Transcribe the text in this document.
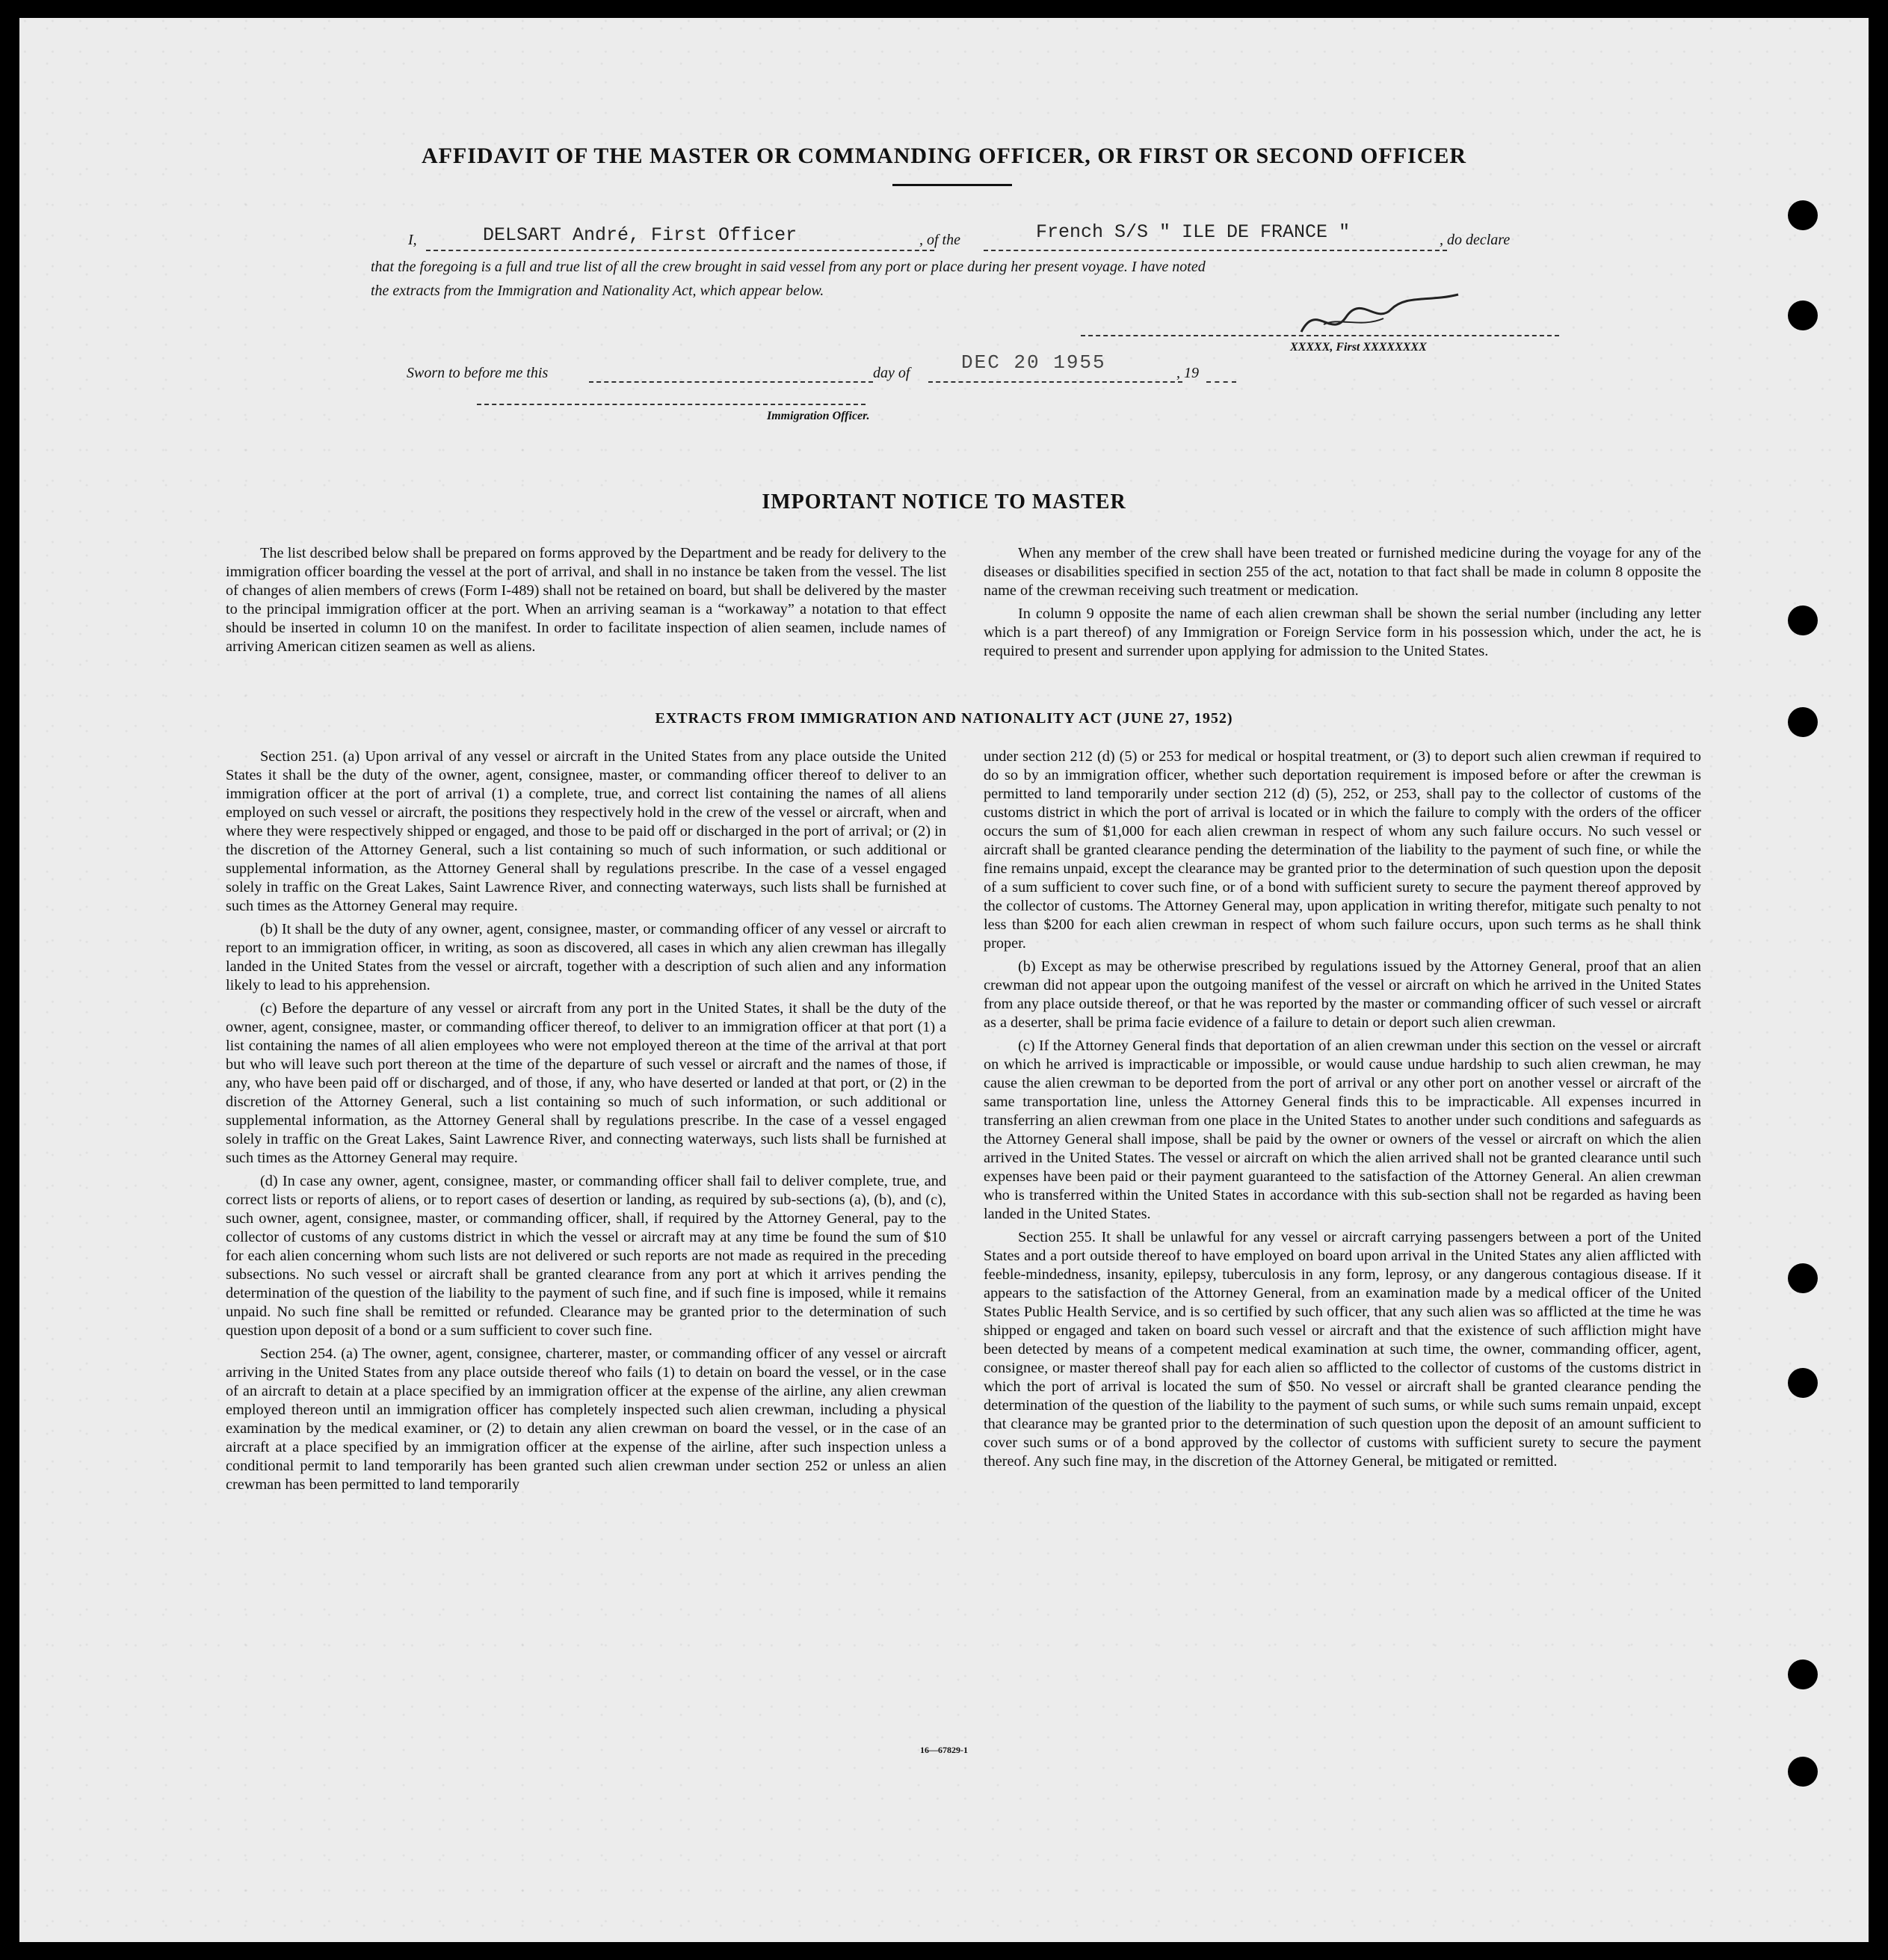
AFFIDAVIT OF THE MASTER OR COMMANDING OFFICER, OR FIRST OR SECOND OFFICER
I,	DELSART André, First Officer	, of the	French S/S " ILE DE FRANCE "	, do declare
that the foregoing is a full and true list of all the crew brought in said vessel from any port or place during her present voyage. I have noted
the extracts from the Immigration and Nationality Act, which appear below.
XXXXX, First XXXXXXXX
Sworn to before me this	day of	DEC 20 1955	, 19
Immigration Officer.
IMPORTANT NOTICE TO MASTER

The list described below shall be prepared on forms approved by the Department and be ready for delivery to the immigration officer boarding the vessel at the port of arrival, and shall in no instance be taken from the vessel. The list of changes of alien members of crews (Form I-489) shall not be retained on board, but shall be delivered by the master to the principal immigration officer at the port. When an arriving seaman is a “workaway” a notation to that effect should be inserted in column 10 on the manifest. In order to facilitate inspection of alien seamen, include names of arriving American citizen seamen as well as aliens.

When any member of the crew shall have been treated or furnished medicine during the voyage for any of the diseases or disabilities specified in section 255 of the act, notation to that fact shall be made in column 8 opposite the name of the crewman receiving such treatment or medication.

In column 9 opposite the name of each alien crewman shall be shown the serial number (including any letter which is a part thereof) of any Immigration or Foreign Service form in his possession which, under the act, he is required to present and surrender upon applying for admission to the United States.

EXTRACTS FROM IMMIGRATION AND NATIONALITY ACT (JUNE 27, 1952)

Section 251. (a) Upon arrival of any vessel or aircraft in the United States from any place outside the United States it shall be the duty of the owner, agent, consignee, master, or commanding officer thereof to deliver to an immigration officer at the port of arrival (1) a complete, true, and correct list containing the names of all aliens employed on such vessel or aircraft, the positions they respectively hold in the crew of the vessel or aircraft, when and where they were respectively shipped or engaged, and those to be paid off or discharged in the port of arrival; or (2) in the discretion of the Attorney General, such a list containing so much of such information, or such additional or supplemental information, as the Attorney General shall by regulations prescribe. In the case of a vessel engaged solely in traffic on the Great Lakes, Saint Lawrence River, and connecting waterways, such lists shall be furnished at such times as the Attorney General may require.

(b) It shall be the duty of any owner, agent, consignee, master, or commanding officer of any vessel or aircraft to report to an immigration officer, in writing, as soon as discovered, all cases in which any alien crewman has illegally landed in the United States from the vessel or aircraft, together with a description of such alien and any information likely to lead to his apprehension.

(c) Before the departure of any vessel or aircraft from any port in the United States, it shall be the duty of the owner, agent, consignee, master, or commanding officer thereof, to deliver to an immigration officer at that port (1) a list containing the names of all alien employees who were not employed thereon at the time of the arrival at that port but who will leave such port thereon at the time of the departure of such vessel or aircraft and the names of those, if any, who have been paid off or discharged, and of those, if any, who have deserted or landed at that port, or (2) in the discretion of the Attorney General, such a list containing so much of such information, or such additional or supplemental information, as the Attorney General shall by regulations prescribe. In the case of a vessel engaged solely in traffic on the Great Lakes, Saint Lawrence River, and connecting waterways, such lists shall be furnished at such times as the Attorney General may require.

(d) In case any owner, agent, consignee, master, or commanding officer shall fail to deliver complete, true, and correct lists or reports of aliens, or to report cases of desertion or landing, as required by sub-sections (a), (b), and (c), such owner, agent, consignee, master, or commanding officer, shall, if required by the Attorney General, pay to the collector of customs of any customs district in which the vessel or aircraft may at any time be found the sum of $10 for each alien concerning whom such lists are not delivered or such reports are not made as required in the preceding subsections. No such vessel or aircraft shall be granted clearance from any port at which it arrives pending the determination of the question of the liability to the payment of such fine, and if such fine is imposed, while it remains unpaid. No such fine shall be remitted or refunded. Clearance may be granted prior to the determination of such question upon deposit of a bond or a sum sufficient to cover such fine.

Section 254. (a) The owner, agent, consignee, charterer, master, or commanding officer of any vessel or aircraft arriving in the United States from any place outside thereof who fails (1) to detain on board the vessel, or in the case of an aircraft to detain at a place specified by an immigration officer at the expense of the airline, any alien crewman employed thereon until an immigration officer has completely inspected such alien crewman, including a physical examination by the medical examiner, or (2) to detain any alien crewman on board the vessel, or in the case of an aircraft at a place specified by an immigration officer at the expense of the airline, after such inspection unless a conditional permit to land temporarily has been granted such alien crewman under section 252 or unless an alien crewman has been permitted to land temporarily

under section 212 (d) (5) or 253 for medical or hospital treatment, or (3) to deport such alien crewman if required to do so by an immigration officer, whether such deportation requirement is imposed before or after the crewman is permitted to land temporarily under section 212 (d) (5), 252, or 253, shall pay to the collector of customs of the customs district in which the port of arrival is located or in which the failure to comply with the orders of the officer occurs the sum of $1,000 for each alien crewman in respect of whom any such failure occurs. No such vessel or aircraft shall be granted clearance pending the determination of the liability to the payment of such fine, or while the fine remains unpaid, except the clearance may be granted prior to the determination of such question upon the deposit of a sum sufficient to cover such fine, or of a bond with sufficient surety to secure the payment thereof approved by the collector of customs. The Attorney General may, upon application in writing therefor, mitigate such penalty to not less than $200 for each alien crewman in respect of whom such failure occurs, upon such terms as he shall think proper.

(b) Except as may be otherwise prescribed by regulations issued by the Attorney General, proof that an alien crewman did not appear upon the outgoing manifest of the vessel or aircraft on which he arrived in the United States from any place outside thereof, or that he was reported by the master or commanding officer of such vessel or aircraft as a deserter, shall be prima facie evidence of a failure to detain or deport such alien crewman.

(c) If the Attorney General finds that deportation of an alien crewman under this section on the vessel or aircraft on which he arrived is impracticable or impossible, or would cause undue hardship to such alien crewman, he may cause the alien crewman to be deported from the port of arrival or any other port on another vessel or aircraft of the same transportation line, unless the Attorney General finds this to be impracticable. All expenses incurred in transferring an alien crewman from one place in the United States to another under such conditions and safeguards as the Attorney General shall impose, shall be paid by the owner or owners of the vessel or aircraft on which the alien arrived in the United States. The vessel or aircraft on which the alien arrived shall not be granted clearance until such expenses have been paid or their payment guaranteed to the satisfaction of the Attorney General. An alien crewman who is transferred within the United States in accordance with this sub-section shall not be regarded as having been landed in the United States.

Section 255. It shall be unlawful for any vessel or aircraft carrying passengers between a port of the United States and a port outside thereof to have employed on board upon arrival in the United States any alien afflicted with feeble-mindedness, insanity, epilepsy, tuberculosis in any form, leprosy, or any dangerous contagious disease. If it appears to the satisfaction of the Attorney General, from an examination made by a medical officer of the United States Public Health Service, and is so certified by such officer, that any such alien was so afflicted at the time he was shipped or engaged and taken on board such vessel or aircraft and that the existence of such affliction might have been detected by means of a competent medical examination at such time, the owner, commanding officer, agent, consignee, or master thereof shall pay for each alien so afflicted to the collector of customs of the customs district in which the port of arrival is located the sum of $50. No vessel or aircraft shall be granted clearance pending the determination of the question of the liability to the payment of such sums, or while such sums remain unpaid, except that clearance may be granted prior to the determination of such question upon the deposit of an amount sufficient to cover such sums or of a bond approved by the collector of customs with sufficient surety to secure the payment thereof. Any such fine may, in the discretion of the Attorney General, be mitigated or remitted.

16—67829-1
